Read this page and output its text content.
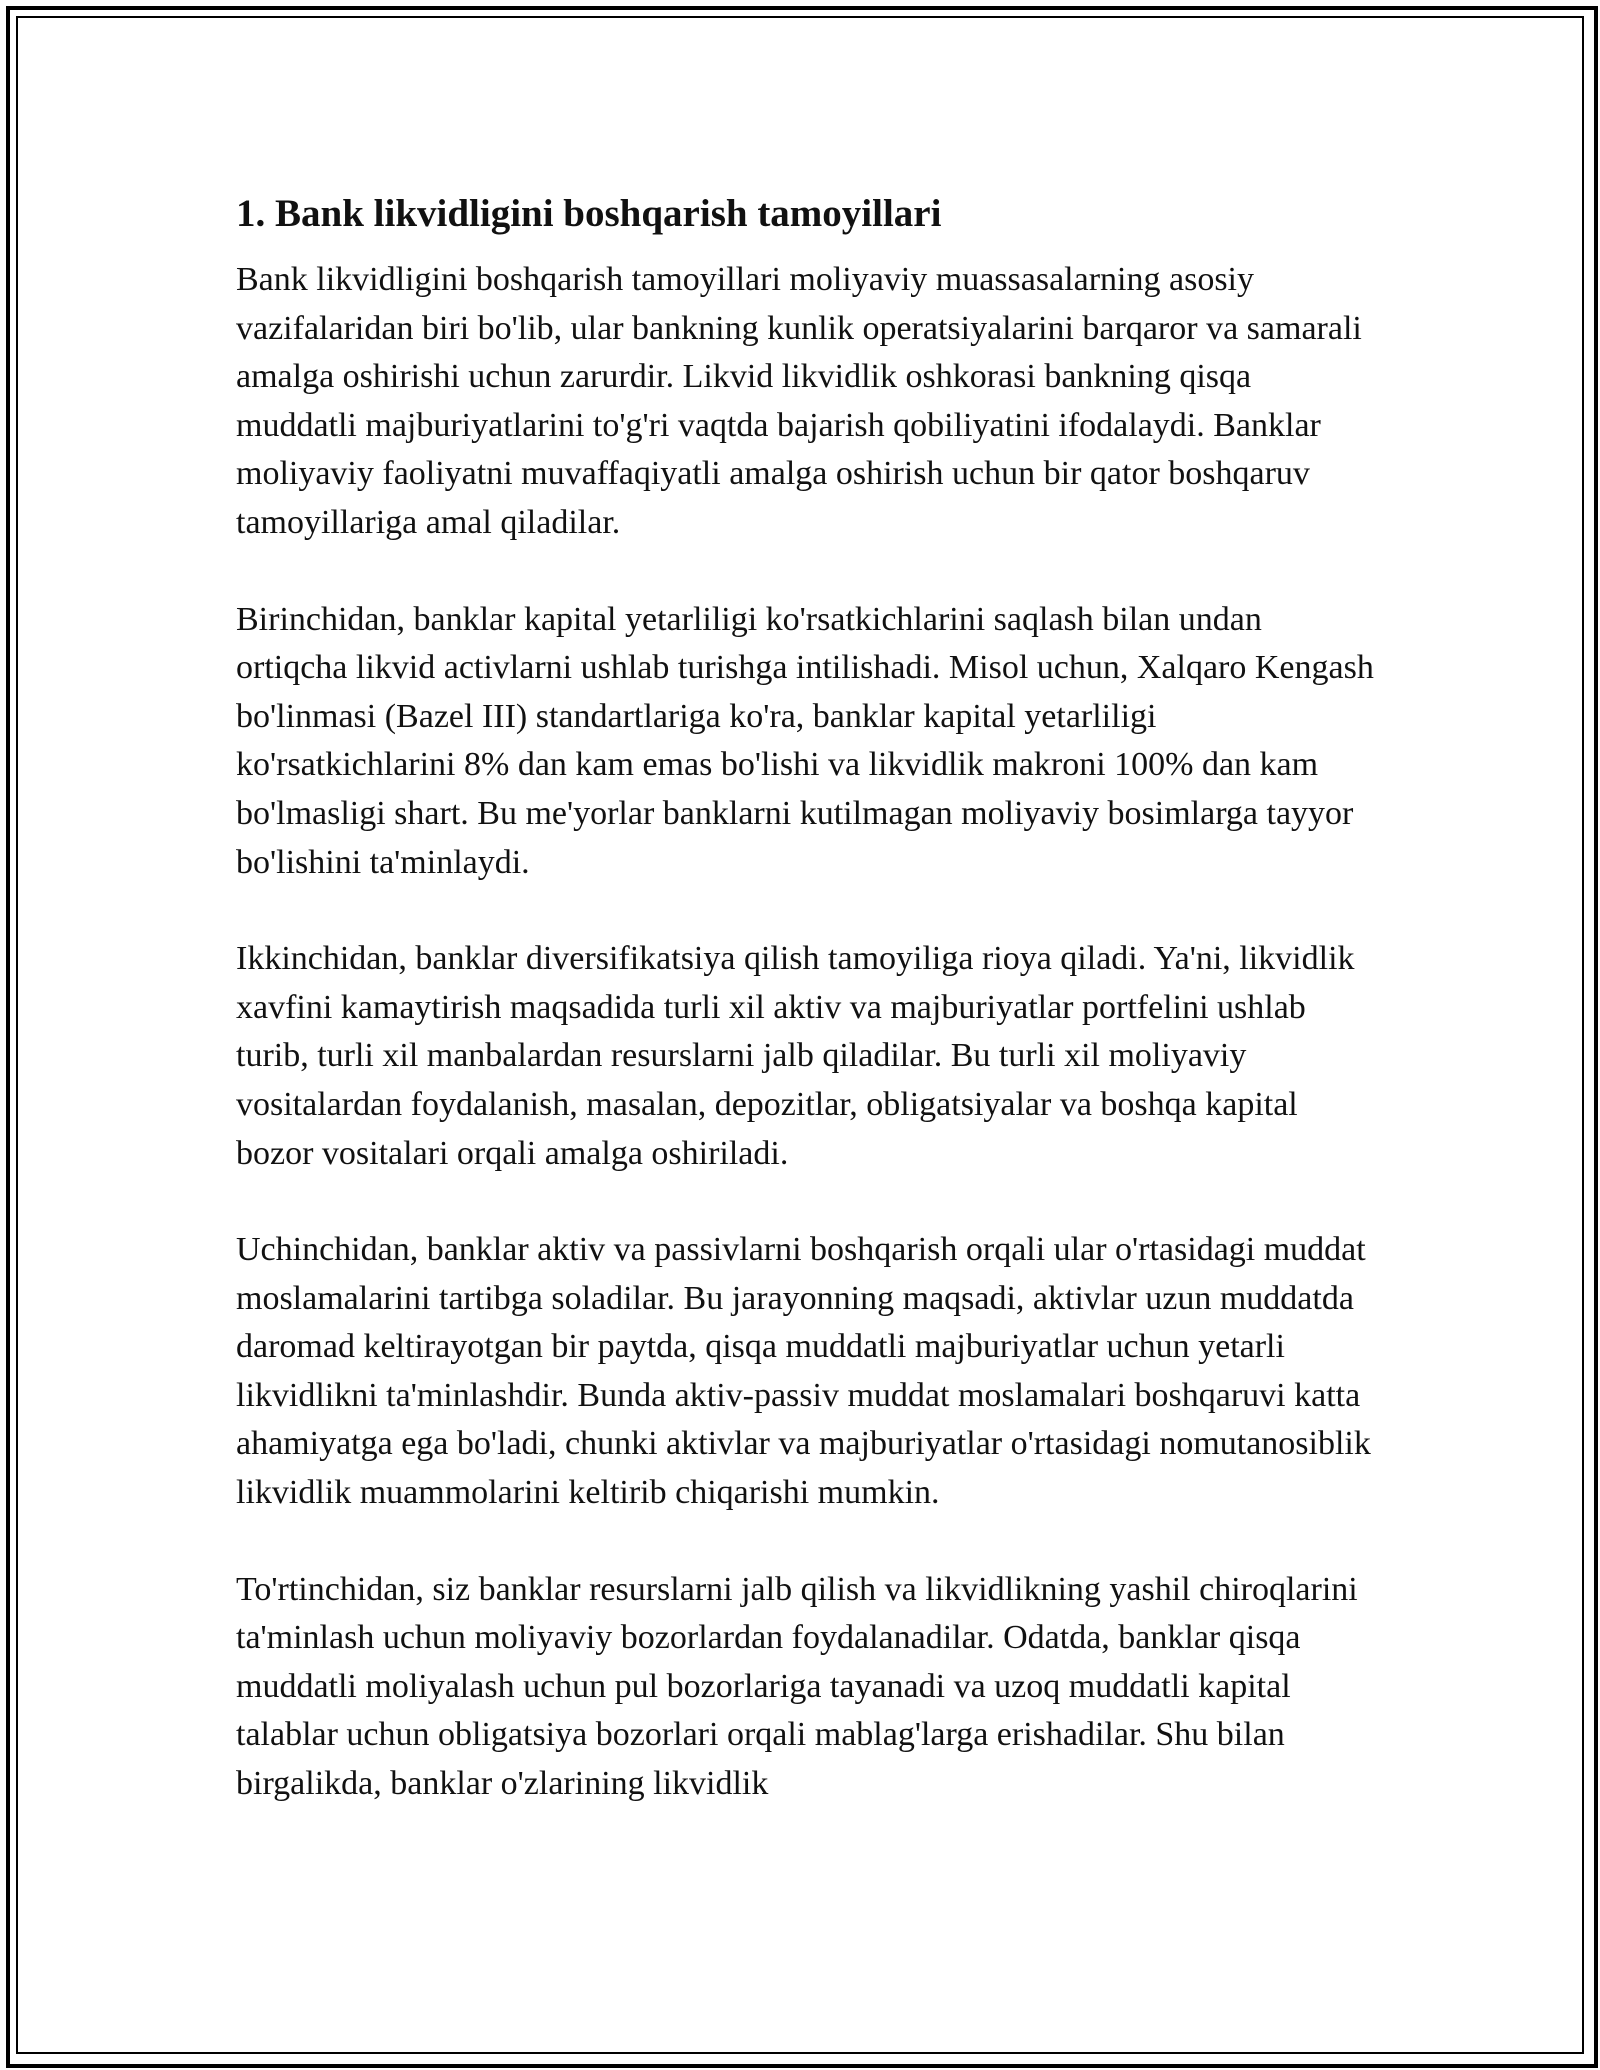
1. Bank likvidligini boshqarish tamoyillari

Bank likvidligini boshqarish tamoyillari moliyaviy muassasalarning asosiy vazifalaridan biri bo'lib, ular bankning kunlik operatsiyalarini barqaror va samarali amalga oshirishi uchun zarurdir. Likvid likvidlik oshkorasi bankning qisqa muddatli majburiyatlarini to'g'ri vaqtda bajarish qobiliyatini ifodalaydi. Banklar moliyaviy faoliyatni muvaffaqiyatli amalga oshirish uchun bir qator boshqaruv tamoyillariga amal qiladilar.

Birinchidan, banklar kapital yetarliligi ko'rsatkichlarini saqlash bilan undan ortiqcha likvid activlarni ushlab turishga intilishadi. Misol uchun, Xalqaro Kengash bo'linmasi (Bazel III) standartlariga ko'ra, banklar kapital yetarliligi ko'rsatkichlarini 8% dan kam emas bo'lishi va likvidlik makroni 100% dan kam bo'lmasligi shart. Bu me'yorlar banklarni kutilmagan moliyaviy bosimlarga tayyor bo'lishini ta'minlaydi.

Ikkinchidan, banklar diversifikatsiya qilish tamoyiliga rioya qiladi. Ya'ni, likvidlik xavfini kamaytirish maqsadida turli xil aktiv va majburiyatlar portfelini ushlab turib, turli xil manbalardan resurslarni jalb qiladilar. Bu turli xil moliyaviy vositalardan foydalanish, masalan, depozitlar, obligatsiyalar va boshqa kapital bozor vositalari orqali amalga oshiriladi.

Uchinchidan, banklar aktiv va passivlarni boshqarish orqali ular o'rtasidagi muddat moslamalarini tartibga soladilar. Bu jarayonning maqsadi, aktivlar uzun muddatda daromad keltirayotgan bir paytda, qisqa muddatli majburiyatlar uchun yetarli likvidlikni ta'minlashdir. Bunda aktiv-passiv muddat moslamalari boshqaruvi katta ahamiyatga ega bo'ladi, chunki aktivlar va majburiyatlar o'rtasidagi nomutanosiblik likvidlik muammolarini keltirib chiqarishi mumkin.

To'rtinchidan, siz banklar resurslarni jalb qilish va likvidlikning yashil chiroqlarini ta'minlash uchun moliyaviy bozorlardan foydalanadilar. Odatda, banklar qisqa muddatli moliyalash uchun pul bozorlariga tayanadi va uzoq muddatli kapital talablar uchun obligatsiya bozorlari orqali mablag'larga erishadilar. Shu bilan birgalikda, banklar o'zlarining likvidlik
